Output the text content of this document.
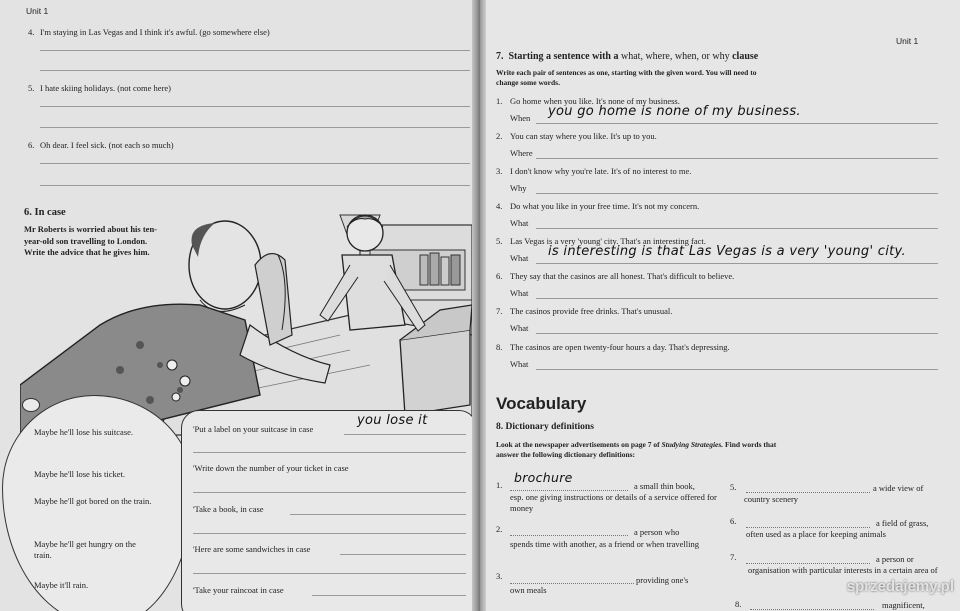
Unit 1
4. I'm staying in Las Vegas and I think it's awful. (go somewhere else)
5. I hate skiing holidays. (not come here)
6. Oh dear. I feel sick. (not each so much)
6. In case
Mr Roberts is worried about his ten-year-old son travelling to London. Write the advice that he gives him.
Maybe he'll lose his suitcase.
Maybe he'll lose his ticket.
Maybe he'll got bored on the train.
Maybe he'll get hungry on the train.
Maybe it'll rain.
'Put a label on your suitcase in case
you lose it
'Write down the number of your ticket in case
'Take a book, in case
'Here are some sandwiches in case
'Take your raincoat in case
Unit 1
7. Starting a sentence with a what, where, when, or why clause
Write each pair of sentences as one, starting with the given word. You will need to change some words.
1. Go home when you like. It's none of my business.
When you go home is none of my business.
2. You can stay where you like. It's up to you.
Where
3. I don't know why you're late. It's of no interest to me.
Why
4. Do what you like in your free time. It's not my concern.
What
5. Las Vegas is a very 'young' city. That's an interesting fact.
What is interesting is that Las Vegas is a very 'young' city.
6. They say that the casinos are all honest. That's difficult to believe.
What
7. The casinos provide free drinks. That's unusual.
What
8. The casinos are open twenty-four hours a day. That's depressing.
What
Vocabulary
8. Dictionary definitions
Look at the newspaper advertisements on page 7 of Studying Strategies. Find words that answer the following dictionary definitions:
1. brochure
a small thin book,
esp. one giving instructions or details of a service offered for money
2.	a person who
spends time with another, as a friend or when travelling
3.	providing one's
own meals
5.	a wide view of
country scenery
6.	a field of grass,
often used as a place for keeping animals
7.	a person or
organisation with particular interests in a certain area of
8.	magnificent,
sprzedajemy.pl
